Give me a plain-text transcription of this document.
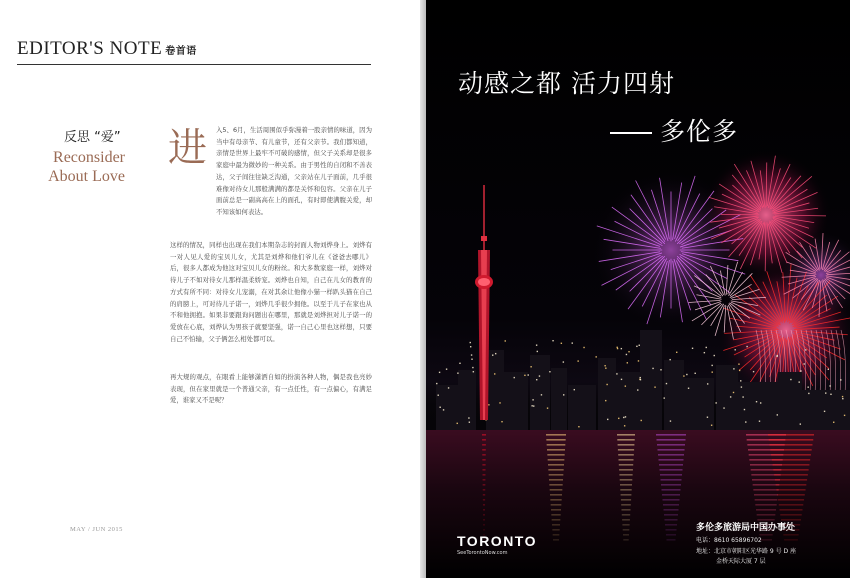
EDITOR'S NOTE 卷首语
反思 “爱”
Reconsider
About Love
进 入5、6月，生活周围似乎弥漫着一股亲情的味道，因为当中有母亲节、有儿童节，还有父亲节。我们都知道，亲情是世界上最牢不可破的感情，但父子关系却是很多家庭中最为微妙的一种关系。由于男性的自闭和不善表达，父子间往往缺乏沟通，父亲站在儿子面前，几乎很难像对待女儿那般满满的都是关怀和包容。父亲在儿子面前总是一副高高在上的面孔，有时即使满腹关爱，却不知该如何表达。
这样的情况，同样也出现在我们本期杂志的封面人物刘烨身上。刘烨有一对人见人爱的宝贝儿女，尤其是刘烨和他们爷儿在《爸爸去哪儿》后，很多人都成为他这对宝贝儿女的粉丝。和大多数家庭一样，刘烨对待儿子不如对待女儿那样温柔娇宠。刘烨也自知，自己在儿女的教育的方式有所不同：对待女儿宠溺，在对其余让他像小猫一样趴头猫在自己的肩膀上，可对待儿子诺一，刘烨几乎很少拥他。以至于儿子在家也从不和他拥抱。如果非要跟询问题出在哪里，那就是刘烨担对儿子诺一的爱放在心底，刘烨认为男孩子就要坚强，诺一自己心里也这样想，只要自己不怕输，父子俩怎么相处都可以。
再大规的观点，在眼看上能够潇洒自如的扮演各种人物，偶是我也亮妙表现，但在家里就是一个普通父亲，有一点任性，有一点偏心，有满足爱，谁家又不是呢？
MAY / JUN 2015
动感之都 活力四射
多伦多
TORONTO
SeeTorontoNow.com
多伦多旅游局中国办事处
电话：8610 65896702
地址：北京市朝阳区光华路 9 号 D 座
金桥天际大厦 7 层
